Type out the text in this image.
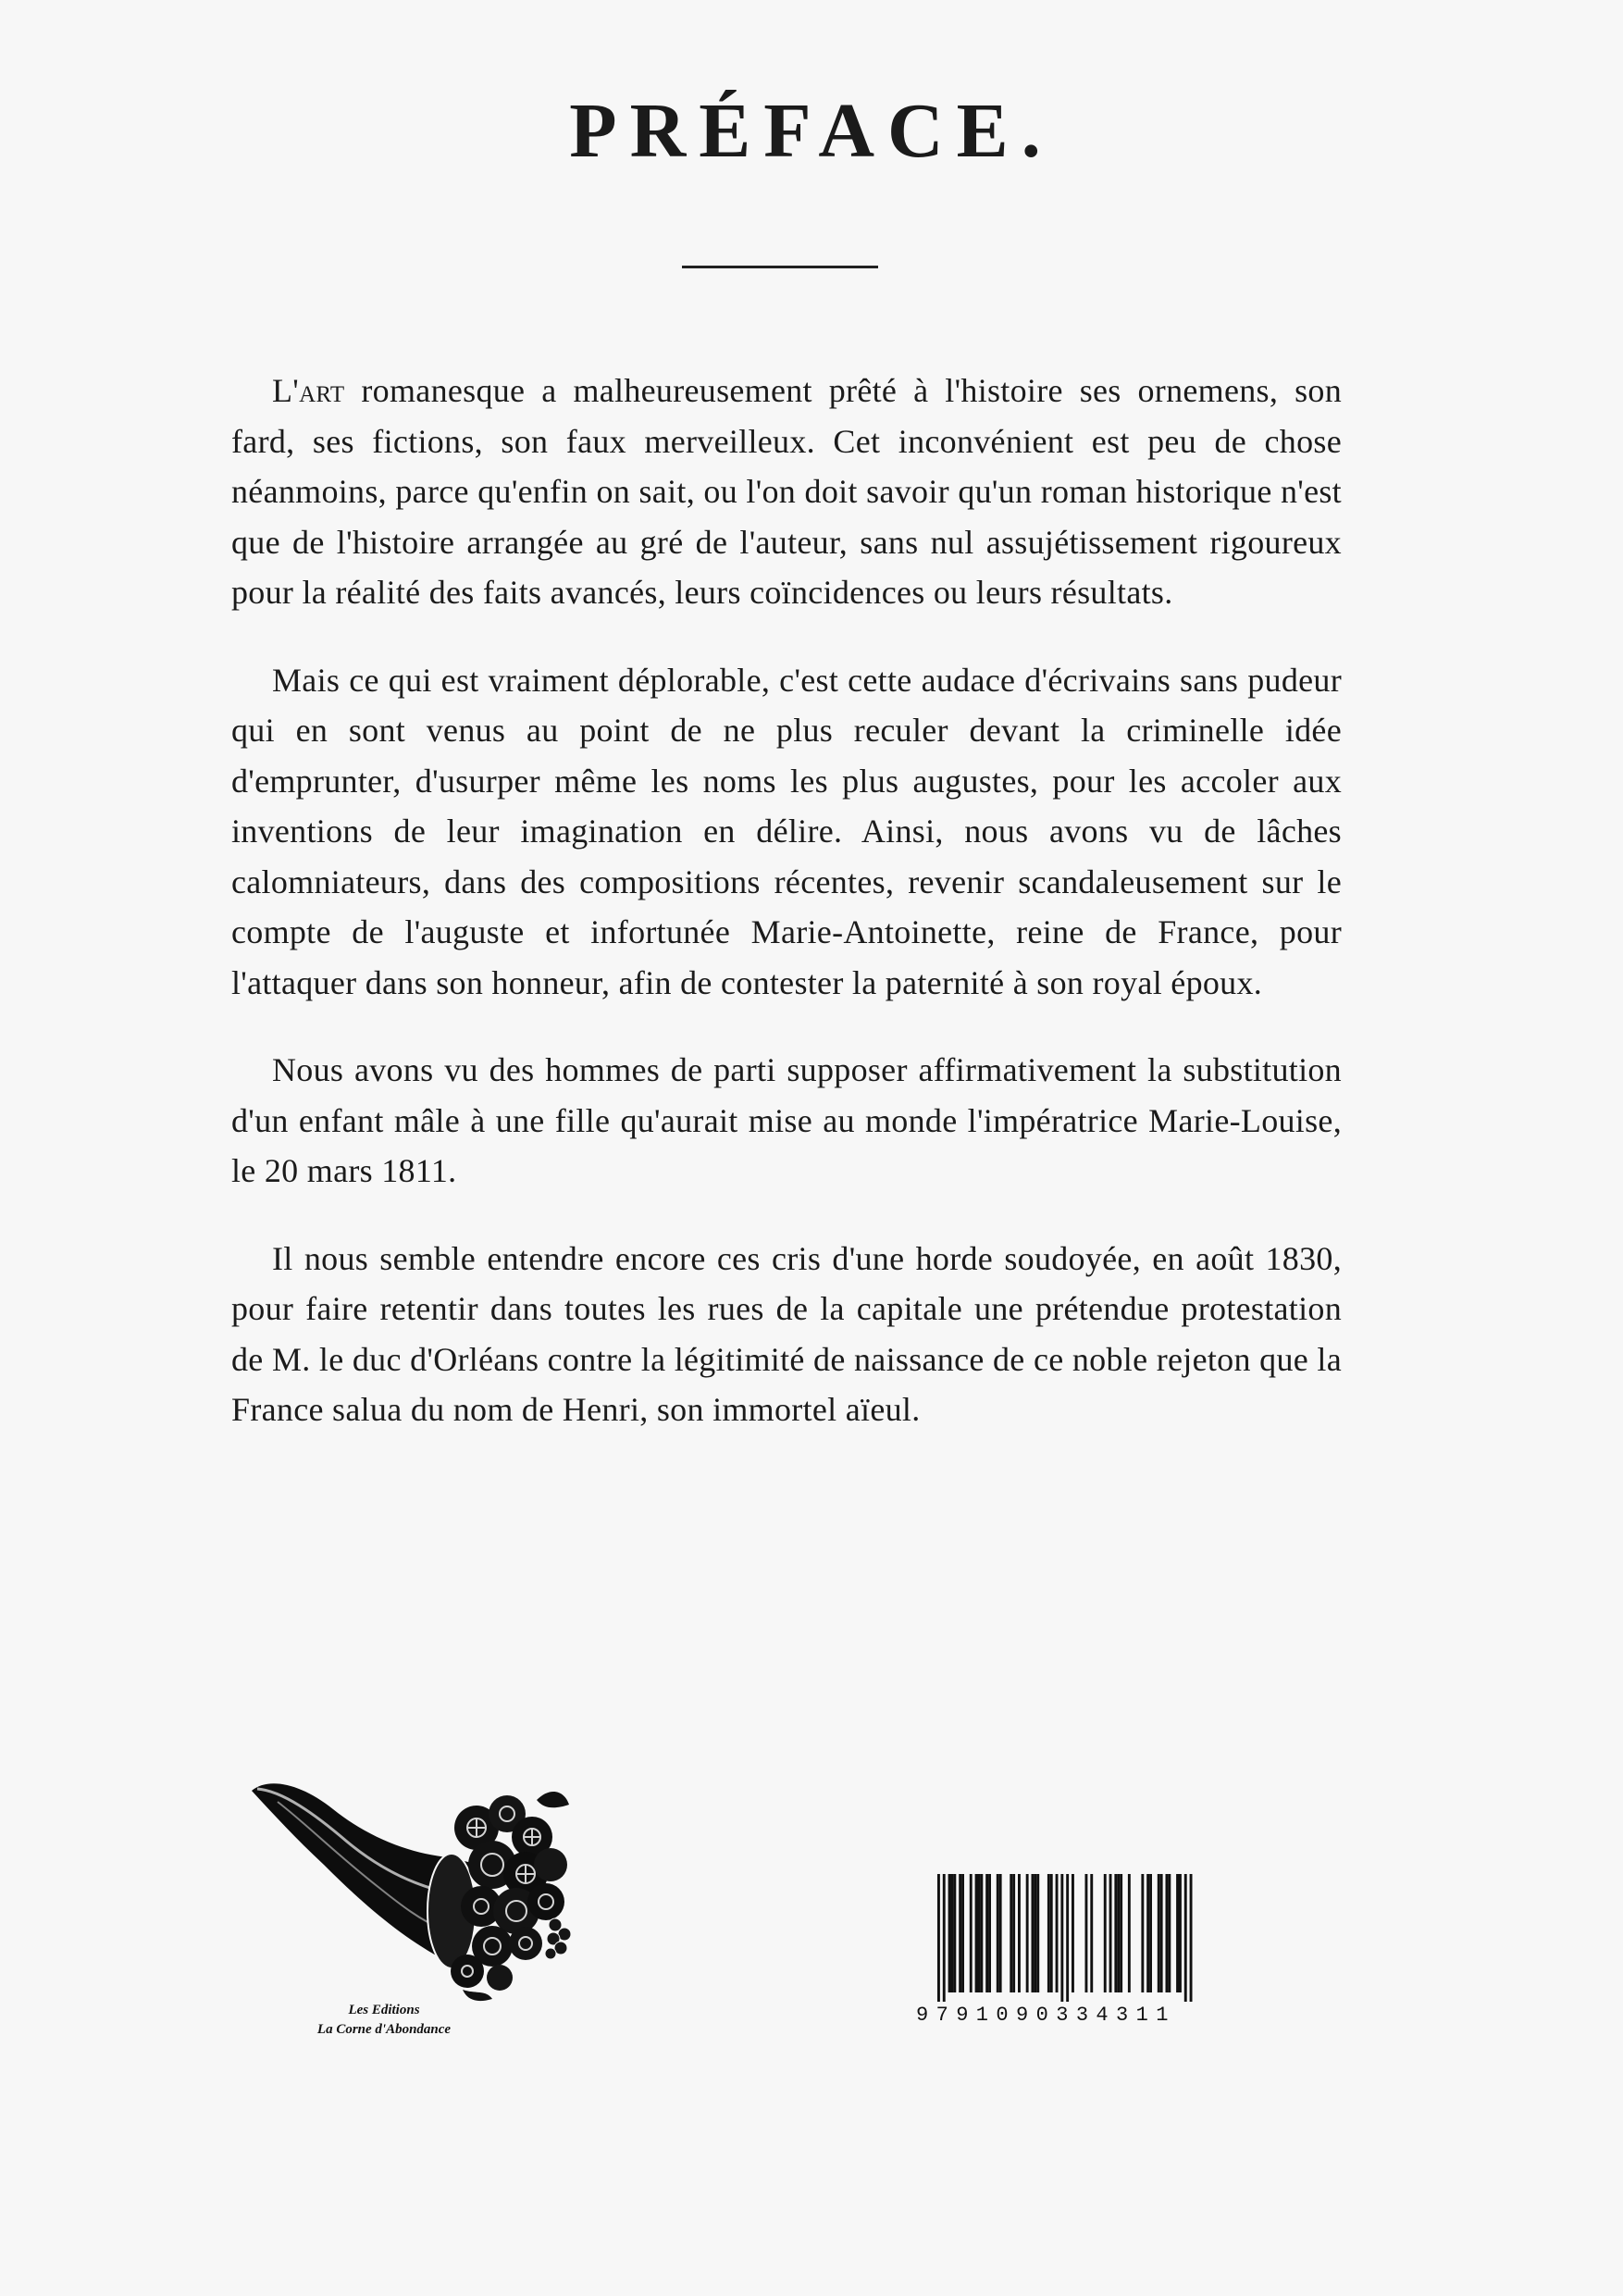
PRÉFACE.

L'art romanesque a malheureusement prêté à l'histoire ses ornemens, son fard, ses fictions, son faux merveilleux. Cet inconvénient est peu de chose néanmoins, parce qu'enfin on sait, ou l'on doit savoir qu'un roman historique n'est que de l'histoire arrangée au gré de l'auteur, sans nul assujétissement rigoureux pour la réalité des faits avancés, leurs coïncidences ou leurs résultats.

Mais ce qui est vraiment déplorable, c'est cette audace d'écrivains sans pudeur qui en sont venus au point de ne plus reculer devant la criminelle idée d'emprunter, d'usurper même les noms les plus augustes, pour les accoler aux inventions de leur imagination en délire. Ainsi, nous avons vu de lâches calomniateurs, dans des compositions récentes, revenir scandaleusement sur le compte de l'auguste et infortunée Marie-Antoinette, reine de France, pour l'attaquer dans son honneur, afin de contester la paternité à son royal époux.

Nous avons vu des hommes de parti supposer affirmativement la substitution d'un enfant mâle à une fille qu'aurait mise au monde l'impératrice Marie-Louise, le 20 mars 1811.

Il nous semble entendre encore ces cris d'une horde soudoyée, en août 1830, pour faire retentir dans toutes les rues de la capitale une prétendue protestation de M. le duc d'Orléans contre la légitimité de naissance de ce noble rejeton que la France salua du nom de Henri, son immortel aïeul.

Les Editions
La Corne d'Abondance
9791090334311
